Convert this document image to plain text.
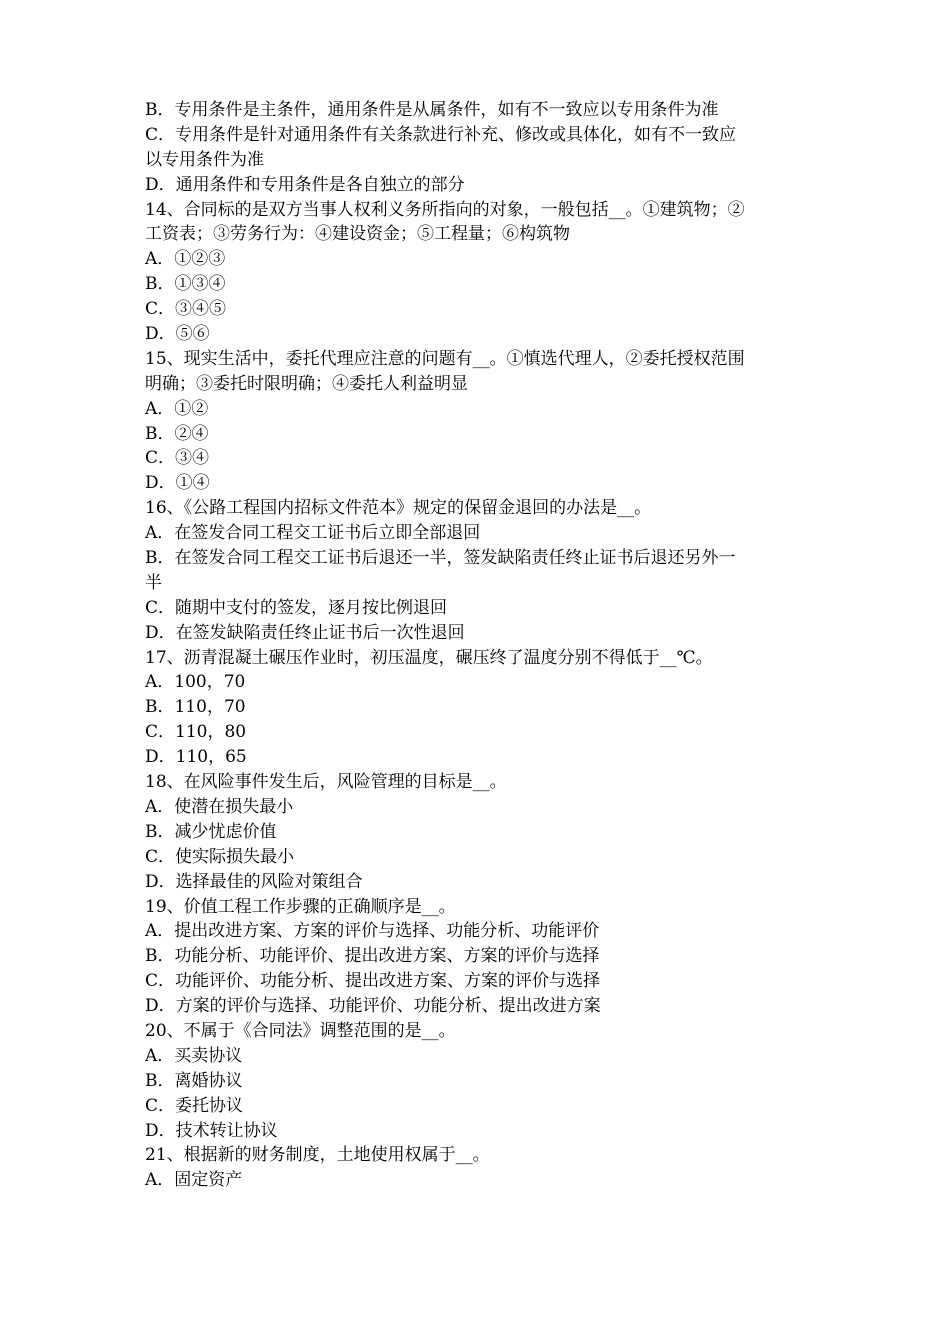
B．专用条件是主条件，通用条件是从属条件，如有不一致应以专用条件为准

C．专用条件是针对通用条件有关条款进行补充、修改或具体化，如有不一致应

以专用条件为准

D．通用条件和专用条件是各自独立的部分

14、合同标的是双方当事人权利义务所指向的对象，一般包括__。①建筑物；②

工资表；③劳务行为：④建设资金；⑤工程量；⑥构筑物

A．①②③

B．①③④

C．③④⑤

D．⑤⑥

15、现实生活中，委托代理应注意的问题有__。①慎选代理人，②委托授权范围

明确；③委托时限明确；④委托人利益明显

A．①②

B．②④

C．③④

D．①④

16、《公路工程国内招标文件范本》规定的保留金退回的办法是__。

A．在签发合同工程交工证书后立即全部退回

B．在签发合同工程交工证书后退还一半，签发缺陷责任终止证书后退还另外一

半

C．随期中支付的签发，逐月按比例退回

D．在签发缺陷责任终止证书后一次性退回

17、沥青混凝土碾压作业时，初压温度，碾压终了温度分别不得低于__℃。

A．100，70

B．110，70

C．110，80

D．110，65

18、在风险事件发生后，风险管理的目标是__。

A．使潜在损失最小

B．减少忧虑价值

C．使实际损失最小

D．选择最佳的风险对策组合

19、价值工程工作步骤的正确顺序是__。

A．提出改进方案、方案的评价与选择、功能分析、功能评价

B．功能分析、功能评价、提出改进方案、方案的评价与选择

C．功能评价、功能分析、提出改进方案、方案的评价与选择

D．方案的评价与选择、功能评价、功能分析、提出改进方案

20、不属于《合同法》调整范围的是__。

A．买卖协议

B．离婚协议

C．委托协议

D．技术转让协议

21、根据新的财务制度，土地使用权属于__。

A．固定资产
